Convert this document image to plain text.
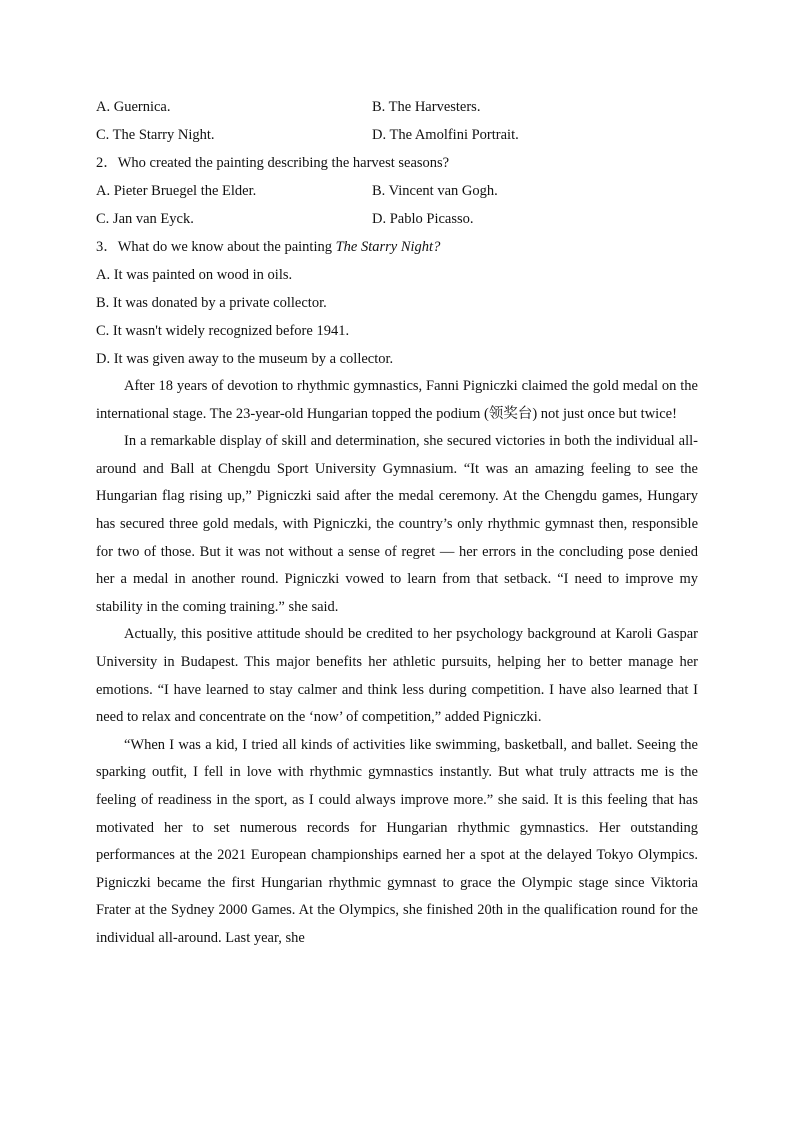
A. Guernica.	B. The Harvesters.
C. The Starry Night.	D. The Amolfini Portrait.
2．Who created the painting describing the harvest seasons?
A. Pieter Bruegel the Elder.	B. Vincent van Gogh.
C. Jan van Eyck.	D. Pablo Picasso.
3．What do we know about the painting The Starry Night?
A. It was painted on wood in oils.
B. It was donated by a private collector.
C. It wasn't widely recognized before 1941.
D. It was given away to the museum by a collector.

After 18 years of devotion to rhythmic gymnastics, Fanni Pigniczki claimed the gold medal on the international stage. The 23-year-old Hungarian topped the podium (领奖台) not just once but twice!

In a remarkable display of skill and determination, she secured victories in both the individual all-around and Ball at Chengdu Sport University Gymnasium. “It was an amazing feeling to see the Hungarian flag rising up,” Pigniczki said after the medal ceremony. At the Chengdu games, Hungary has secured three gold medals, with Pigniczki, the country’s only rhythmic gymnast then, responsible for two of those. But it was not without a sense of regret — her errors in the concluding pose denied her a medal in another round. Pigniczki vowed to learn from that setback. “I need to improve my stability in the coming training.” she said.

Actually, this positive attitude should be credited to her psychology background at Karoli Gaspar University in Budapest. This major benefits her athletic pursuits, helping her to better manage her emotions. “I have learned to stay calmer and think less during competition. I have also learned that I need to relax and concentrate on the ‘now’ of competition,” added Pigniczki.

“When I was a kid, I tried all kinds of activities like swimming, basketball, and ballet. Seeing the sparking outfit, I fell in love with rhythmic gymnastics instantly. But what truly attracts me is the feeling of readiness in the sport, as I could always improve more.” she said. It is this feeling that has motivated her to set numerous records for Hungarian rhythmic gymnastics. Her outstanding performances at the 2021 European championships earned her a spot at the delayed Tokyo Olympics. Pigniczki became the first Hungarian rhythmic gymnast to grace the Olympic stage since Viktoria Frater at the Sydney 2000 Games. At the Olympics, she finished 20th in the qualification round for the individual all-around. Last year, she
